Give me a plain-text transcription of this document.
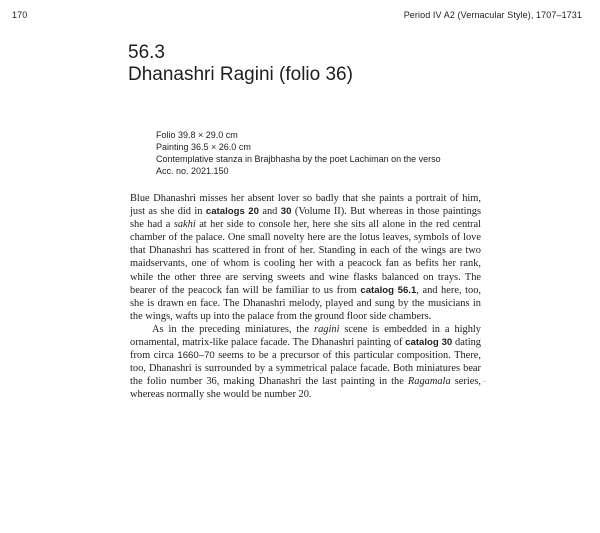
170	Period IV A2 (Vernacular Style), 1707–1731
56.3
Dhanashri Ragini (folio 36)
Folio 39.8 × 29.0 cm
Painting 36.5 × 26.0 cm
Contemplative stanza in Brajbhasha by the poet Lachiman on the verso
Acc. no. 2021.150

Blue Dhanashri misses her absent lover so badly that she paints a portrait of him, just as she did in catalogs 20 and 30 (Volume II). But whereas in those paintings she had a sakhi at her side to console her, here she sits all alone in the red central chamber of the palace. One small novelty here are the lotus leaves, symbols of love that Dhanashri has scattered in front of her. Standing in each of the wings are two maidservants, one of whom is cooling her with a peacock fan as befits her rank, while the other three are serving sweets and wine flasks balanced on trays. The bearer of the peacock fan will be familiar to us from catalog 56.1, and here, too, she is drawn en face. The Dhanashri melody, played and sung by the musicians in the wings, wafts up into the palace from the ground floor side chambers.

As in the preceding miniatures, the ragini scene is embedded in a highly ornamental, matrix-like palace facade. The Dhanashri painting of catalog 30 dating from circa 1660–70 seems to be a precursor of this particular composition. There, too, Dhanashri is surrounded by a symmetrical palace facade. Both miniatures bear the folio number 36, making Dhanashri the last painting in the Ragamala series, whereas normally she would be number 20.
